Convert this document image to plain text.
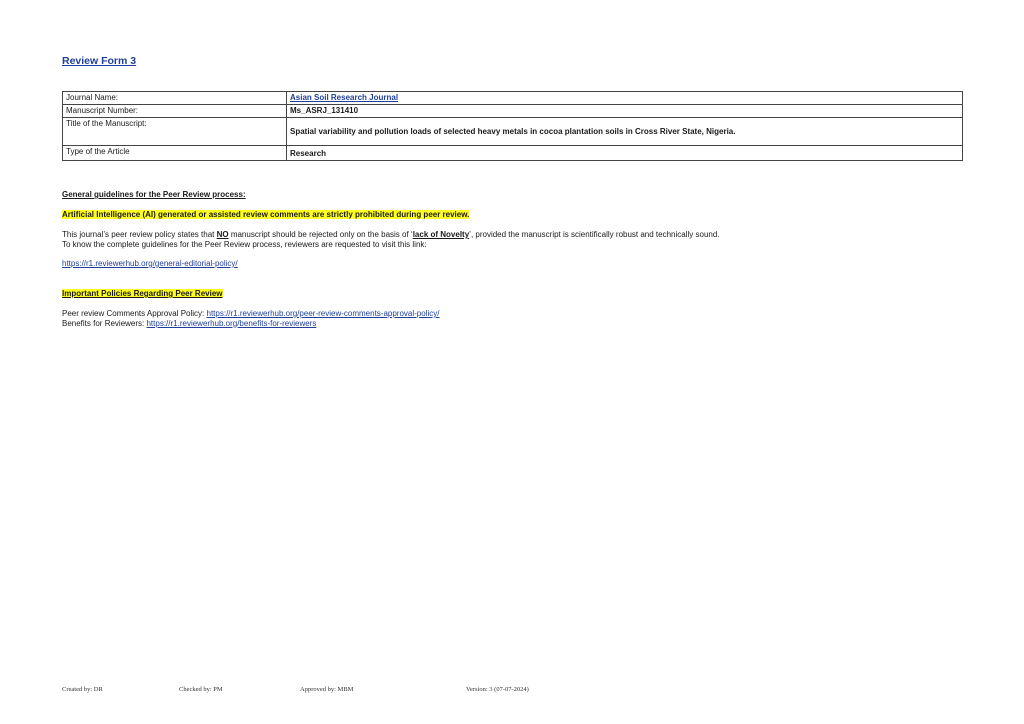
Review Form 3
Journal Name:	Asian Soil Research Journal
Manuscript Number:	Ms_ASRJ_131410
Title of the Manuscript:	Spatial variability and pollution loads of selected heavy metals in cocoa plantation soils in Cross River State, Nigeria.
Type of the Article	Research
General guidelines for the Peer Review process:
Artificial Intelligence (AI) generated or assisted review comments are strictly prohibited during peer review.
This journal’s peer review policy states that NO manuscript should be rejected only on the basis of ‘lack of Novelty’, provided the manuscript is scientifically robust and technically sound.
To know the complete guidelines for the Peer Review process, reviewers are requested to visit this link:
https://r1.reviewerhub.org/general-editorial-policy/
Important Policies Regarding Peer Review
Peer review Comments Approval Policy: https://r1.reviewerhub.org/peer-review-comments-approval-policy/
Benefits for Reviewers: https://r1.reviewerhub.org/benefits-for-reviewers
Created by: DR	Checked by: PM	Approved by: MBM	Version: 3 (07-07-2024)
